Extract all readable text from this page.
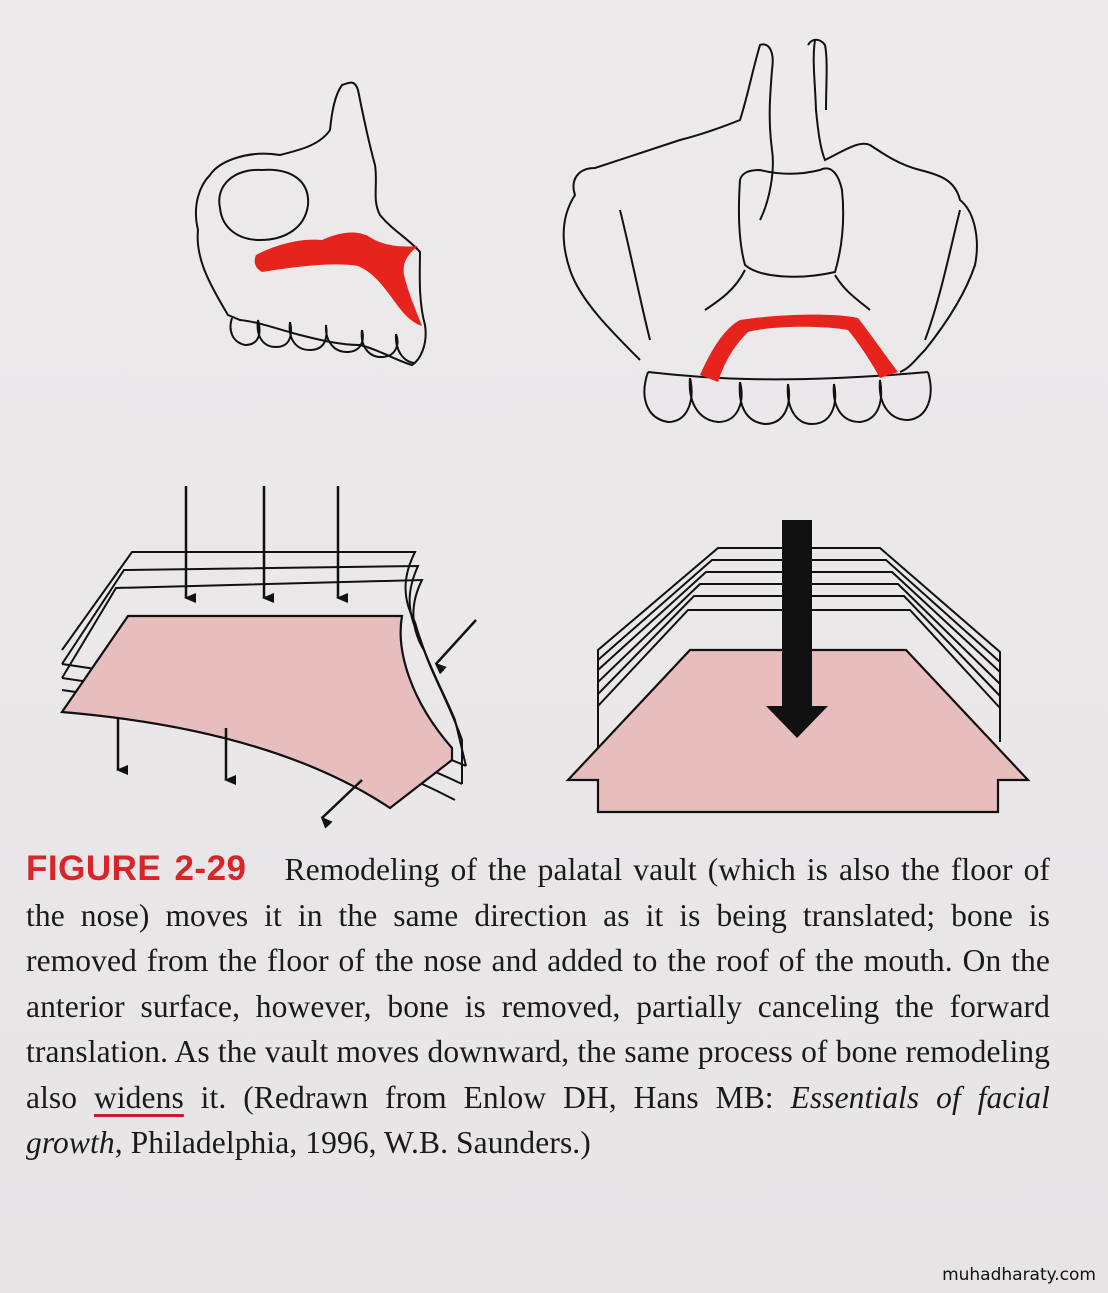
FIGURE 2-29 Remodeling of the palatal vault (which is also the floor of the nose) moves it in the same direction as it is being translated; bone is removed from the floor of the nose and added to the roof of the mouth. On the anterior surface, however, bone is removed, partially canceling the forward translation. As the vault moves downward, the same process of bone remodeling also widens it. (Redrawn from Enlow DH, Hans MB: Essentials of facial growth, Philadelphia, 1996, W.B. Saunders.)
muhadharaty.com
